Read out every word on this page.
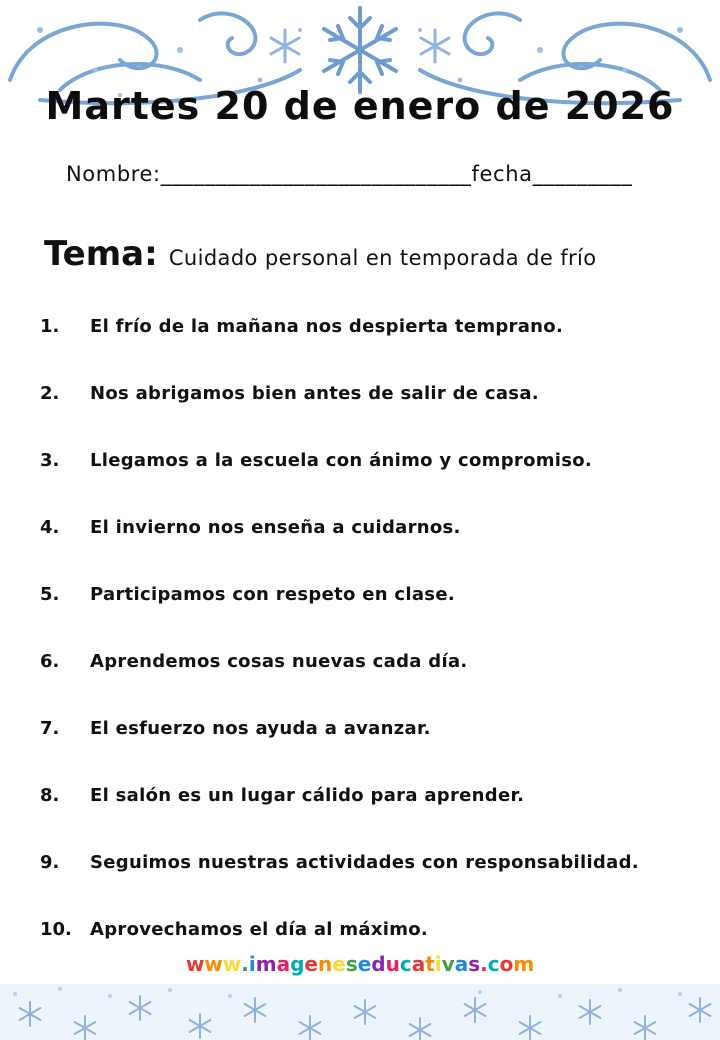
Martes 20 de enero de 2026
Nombre:____________________________fecha_________
Tema: Cuidado personal en temporada de frío
1.	El frío de la mañana nos despierta temprano.
2.	Nos abrigamos bien antes de salir de casa.
3.	Llegamos a la escuela con ánimo y compromiso.
4.	El invierno nos enseña a cuidarnos.
5.	Participamos con respeto en clase.
6.	Aprendemos cosas nuevas cada día.
7.	El esfuerzo nos ayuda a avanzar.
8.	El salón es un lugar cálido para aprender.
9.	Seguimos nuestras actividades con responsabilidad.
10.	Aprovechamos el día al máximo.
www.imageneseducativas.com
